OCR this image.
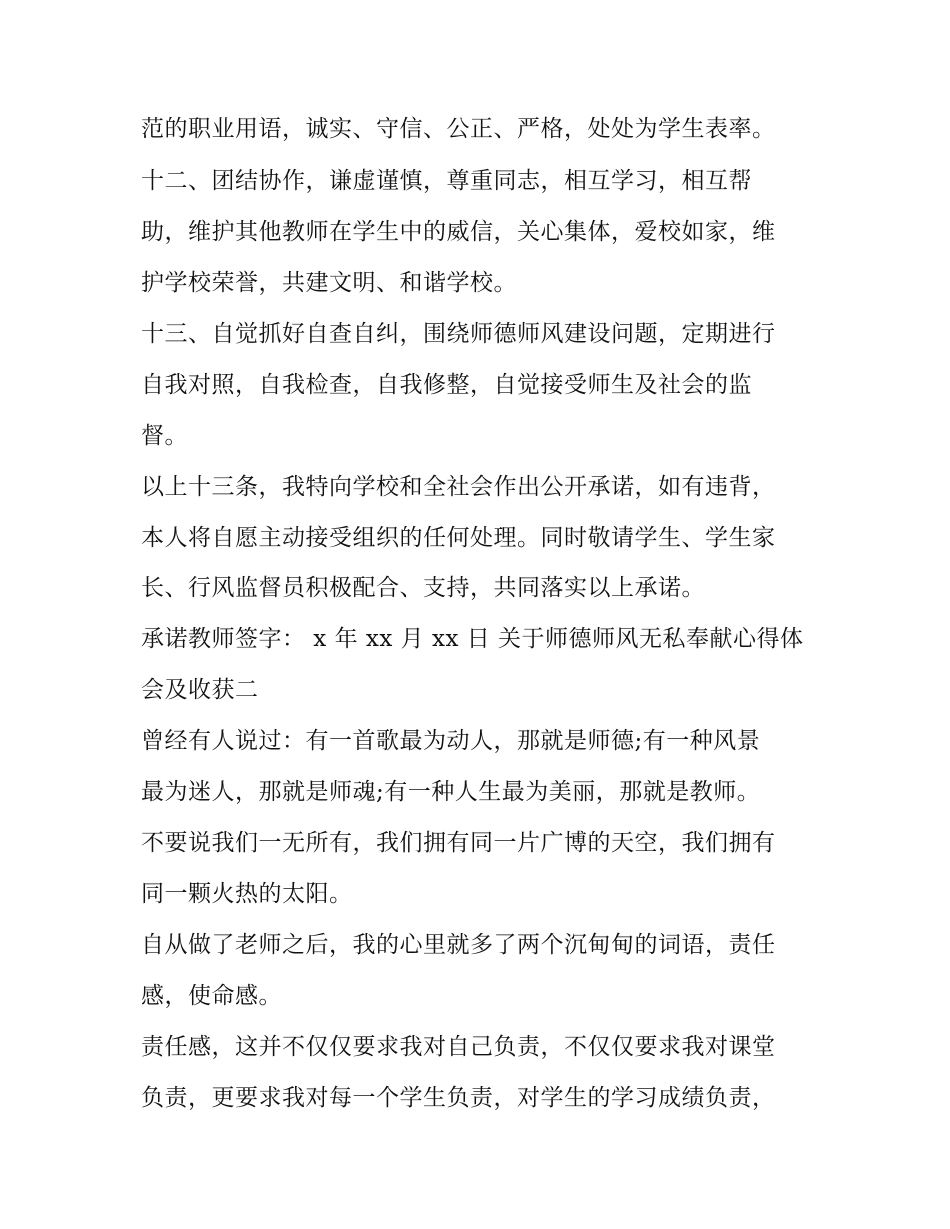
范的职业用语，诚实、守信、公正、严格，处处为学生表率。
十二、团结协作，谦虚谨慎，尊重同志，相互学习，相互帮
助，维护其他教师在学生中的威信，关心集体，爱校如家，维
护学校荣誉，共建文明、和谐学校。
十三、自觉抓好自查自纠，围绕师德师风建设问题，定期进行
自我对照，自我检查，自我修整，自觉接受师生及社会的监
督。
以上十三条，我特向学校和全社会作出公开承诺，如有违背，
本人将自愿主动接受组织的任何处理。同时敬请学生、学生家
长、行风监督员积极配合、支持，共同落实以上承诺。
承诺教师签字： x 年 xx 月 xx 日 关于师德师风无私奉献心得体
会及收获二
曾经有人说过：有一首歌最为动人，那就是师德;有一种风景
最为迷人，那就是师魂;有一种人生最为美丽，那就是教师。
不要说我们一无所有，我们拥有同一片广博的天空，我们拥有
同一颗火热的太阳。
自从做了老师之后，我的心里就多了两个沉甸甸的词语，责任
感，使命感。
责任感，这并不仅仅要求我对自己负责，不仅仅要求我对课堂
负责，更要求我对每一个学生负责，对学生的学习成绩负责，
